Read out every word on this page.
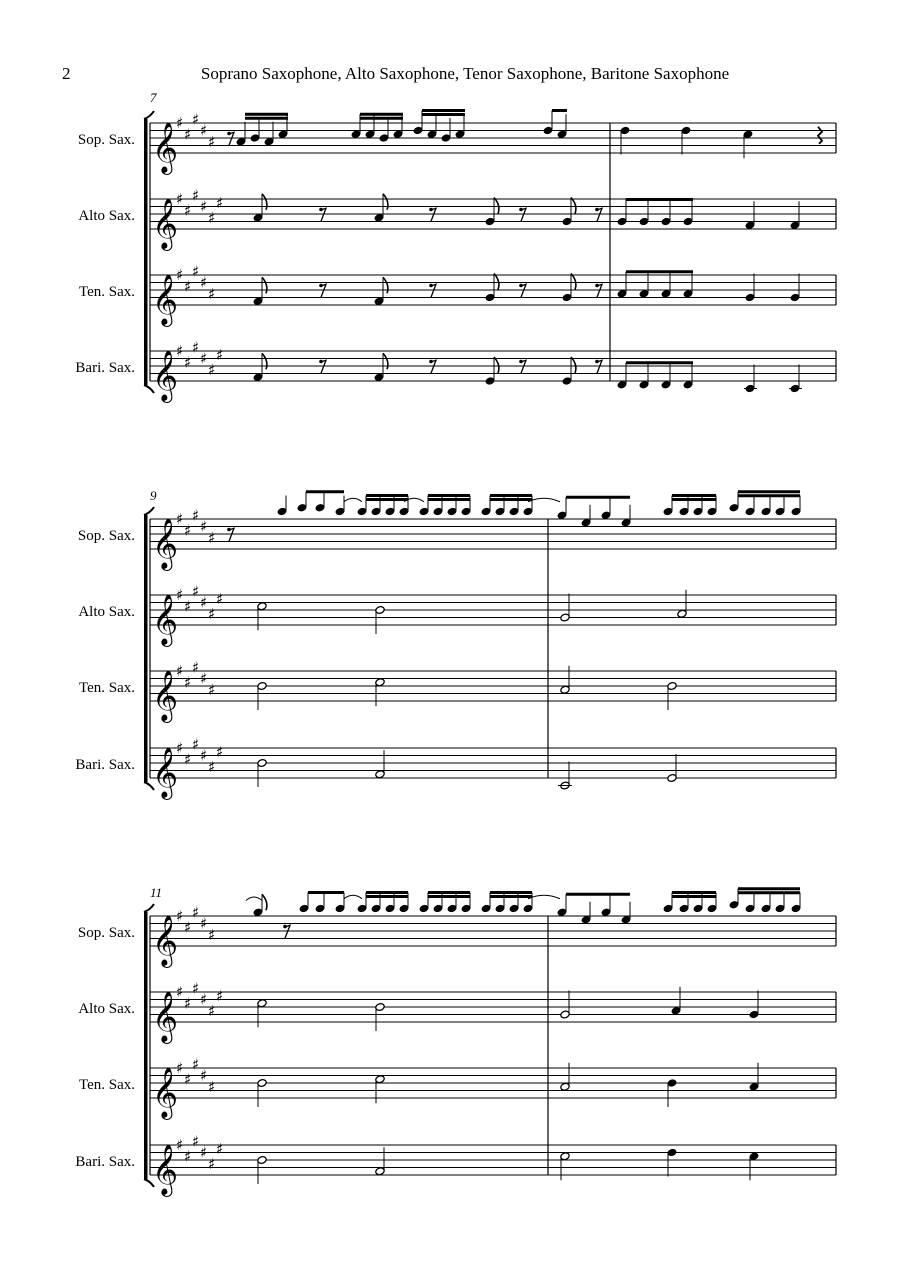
2	Soprano Saxophone, Alto Saxophone, Tenor Saxophone, Baritone Saxophone
7
Sop. Sax.
Alto Sax.
Ten. Sax.
Bari. Sax.
9
Sop. Sax.
Alto Sax.
Ten. Sax.
Bari. Sax.
11
Sop. Sax.
Alto Sax.
Ten. Sax.
Bari. Sax.
𝄞
♯
♯
♯
♯
♯
𝄞
♯
♯
♯
♯
♯
♯
𝄞
♯
♯
♯
♯
♯
𝄞
♯
♯
♯
♯
♯
♯
𝄞
♯
♯
♯
♯
♯
𝄞
♯
♯
♯
♯
♯
♯
𝄞
♯
♯
♯
♯
♯
𝄞
♯
♯
♯
♯
♯
♯
𝄞
♯
♯
♯
♯
♯
𝄞
♯
♯
♯
♯
♯
♯
𝄞
♯
♯
♯
♯
♯
𝄞
♯
♯
♯
♯
♯
♯
